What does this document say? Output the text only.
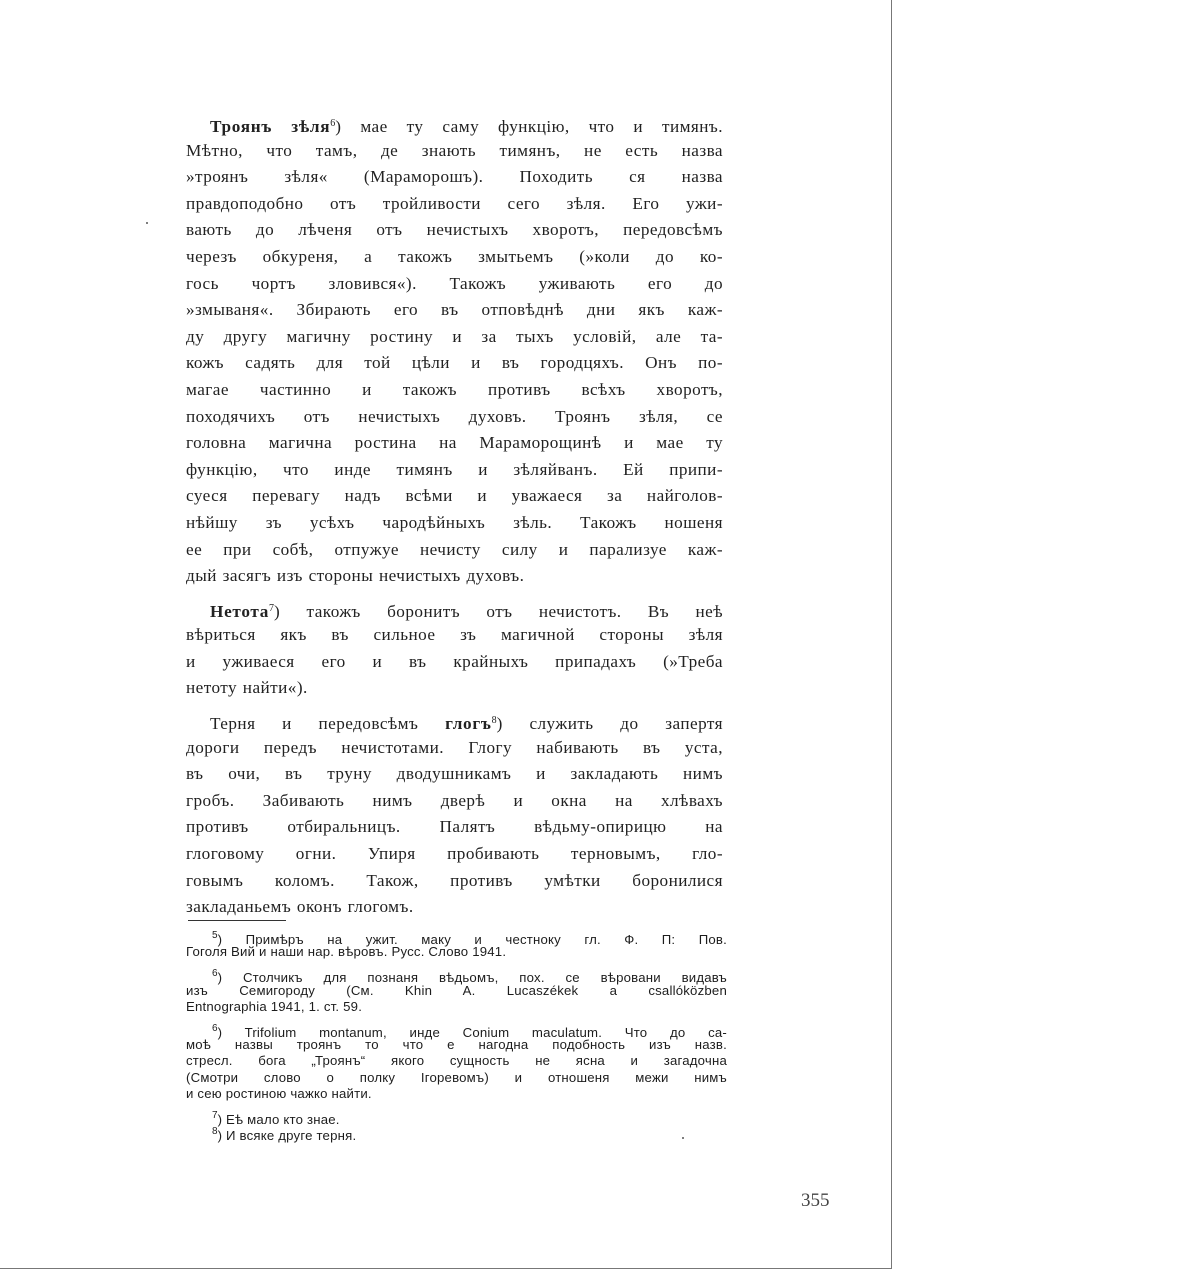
Троянъ зѣля$^6$) мае ту саму функцію, что и тимянъ.
Мѣтно, что тамъ, де знають тимянъ, не есть назва
»троянъ зѣля« (Мараморошъ). Походить ся назва
правдоподобно отъ тройливости сего зѣля. Его ужи-
вають до лѣченя отъ нечистыхъ хворотъ, передовсѣмъ
черезъ обкуреня, а такожъ змытьемъ (»коли до ко-
гось чортъ зловився«). Такожъ уживають его до
»змываня«. Збирають его въ отповѣднѣ дни якъ каж-
ду другу магичну ростину и за тыхъ условій, але та-
кожъ садять для той цѣли и въ городцяхъ. Онъ по-
магае частинно и такожъ противъ всѣхъ хворотъ,
походячихъ отъ нечистыхъ духовъ. Троянъ зѣля, се
головна магична ростина на Мараморощинѣ и мае ту
функцію, что инде тимянъ и зѣляйванъ. Ей припи-
суеся перевагу надъ всѣми и уважаеся за найголов-
нѣйшу зъ усѣхъ чародѣйныхъ зѣль. Такожъ ношеня
ее при собѣ, отпужуе нечисту силу и парализуе каж-
дый засягъ изъ стороны нечистыхъ духовъ.
Нетота$^7$) такожъ боронитъ отъ нечистотъ. Въ неѣ
вѣриться якъ въ сильное зъ магичной стороны зѣля
и уживаеся его и въ крайныхъ припадахъ (»Треба
нетоту найти«).
Терня и передовсѣмъ глогъ$^8$) служить до запертя
дороги передъ нечистотами. Глогу набивають въ уста,
въ очи, въ труну дводушникамъ и закладають нимъ
гробъ. Забивають нимъ дверѣ и окна на хлѣвахъ
противъ отбиральницъ. Палятъ вѣдьму-опирицю на
глоговому огни. Упиря пробивають терновымъ, гло-
говымъ коломъ. Також, противъ умѣтки боронилися
закладаньемъ оконъ глогомъ.
$^5$) Примѣръ на ужит. маку и честноку гл. Ф. П: Пов.
Гоголя Вий и наши нар. вѣровъ. Русс. Слово 1941.
$^6$) Столчикъ для познаня вѣдьомъ, пох. се вѣровани видавъ
изъ Семигороду (См. Khin A. Lucaszékek a csallóközben
Entnographia 1941, 1. ст. 59.
$^6$) Trifolium montanum, инде Conium maculatum. Что до са-
моѣ назвы троянъ то что е нагодна подобность изъ назв.
стресл. бога „Троянъ“ якого сущность не ясна и загадочна
(Смотри слово о полку Ігоревомъ) и отношеня межи нимъ
и сею ростиною чажко найти.
$^7$) Еѣ мало кто знае.
$^8$) И всяке друге терня.
355
